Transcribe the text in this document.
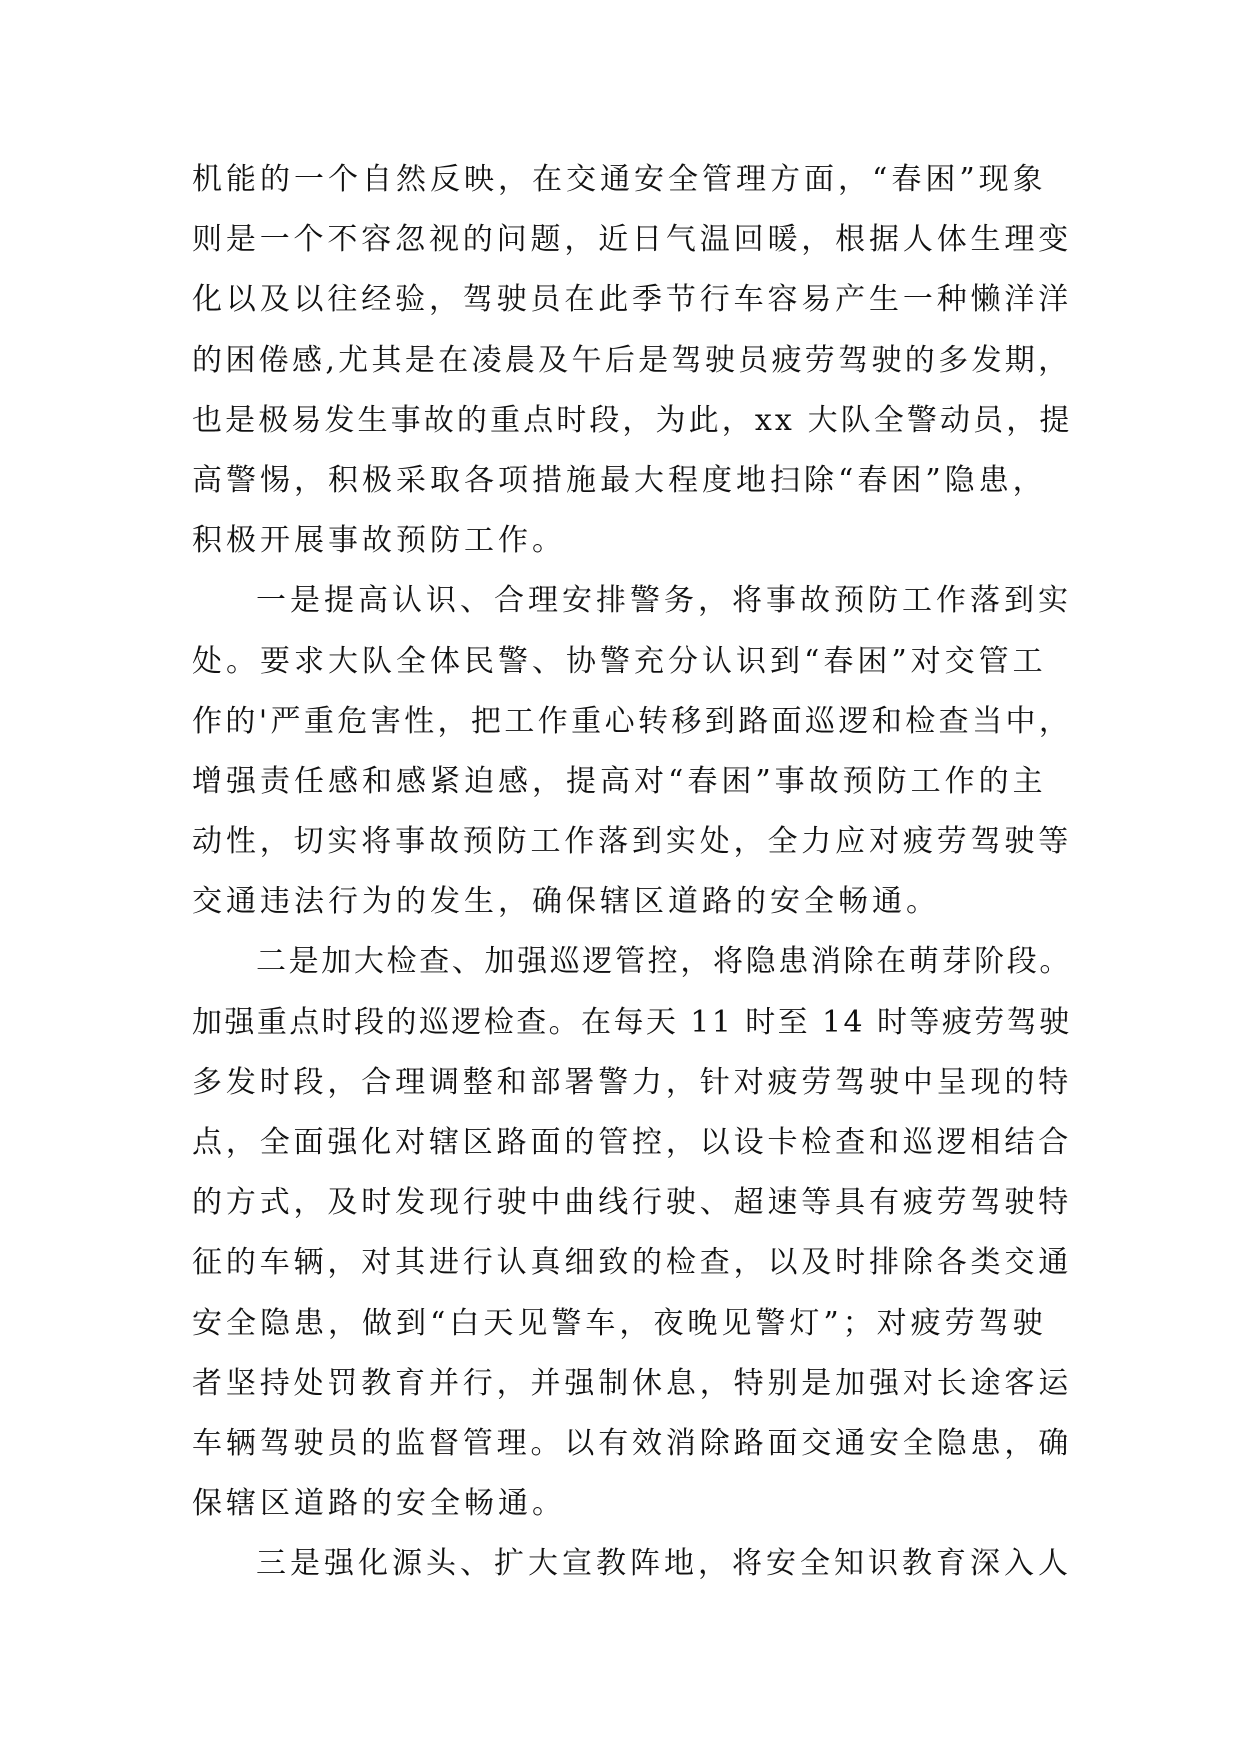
机能的一个自然反映，在交通安全管理方面，“春困”现象
则是一个不容忽视的问题，近日气温回暖，根据人体生理变
化以及以往经验，驾驶员在此季节行车容易产生一种懒洋洋
的困倦感,尤其是在凌晨及午后是驾驶员疲劳驾驶的多发期，
也是极易发生事故的重点时段，为此，xx 大队全警动员，提
高警惕，积极采取各项措施最大程度地扫除“春困”隐患，
积极开展事故预防工作。
一是提高认识、合理安排警务，将事故预防工作落到实
处。要求大队全体民警、协警充分认识到“春困”对交管工
作的'严重危害性，把工作重心转移到路面巡逻和检查当中，
增强责任感和感紧迫感，提高对“春困”事故预防工作的主
动性，切实将事故预防工作落到实处，全力应对疲劳驾驶等
交通违法行为的发生，确保辖区道路的安全畅通。
二是加大检查、加强巡逻管控，将隐患消除在萌芽阶段。
加强重点时段的巡逻检查。在每天 11 时至 14 时等疲劳驾驶
多发时段，合理调整和部署警力，针对疲劳驾驶中呈现的特
点，全面强化对辖区路面的管控，以设卡检查和巡逻相结合
的方式，及时发现行驶中曲线行驶、超速等具有疲劳驾驶特
征的车辆，对其进行认真细致的检查，以及时排除各类交通
安全隐患，做到“白天见警车，夜晚见警灯”；对疲劳驾驶
者坚持处罚教育并行，并强制休息，特别是加强对长途客运
车辆驾驶员的监督管理。以有效消除路面交通安全隐患，确
保辖区道路的安全畅通。
三是强化源头、扩大宣教阵地，将安全知识教育深入人
